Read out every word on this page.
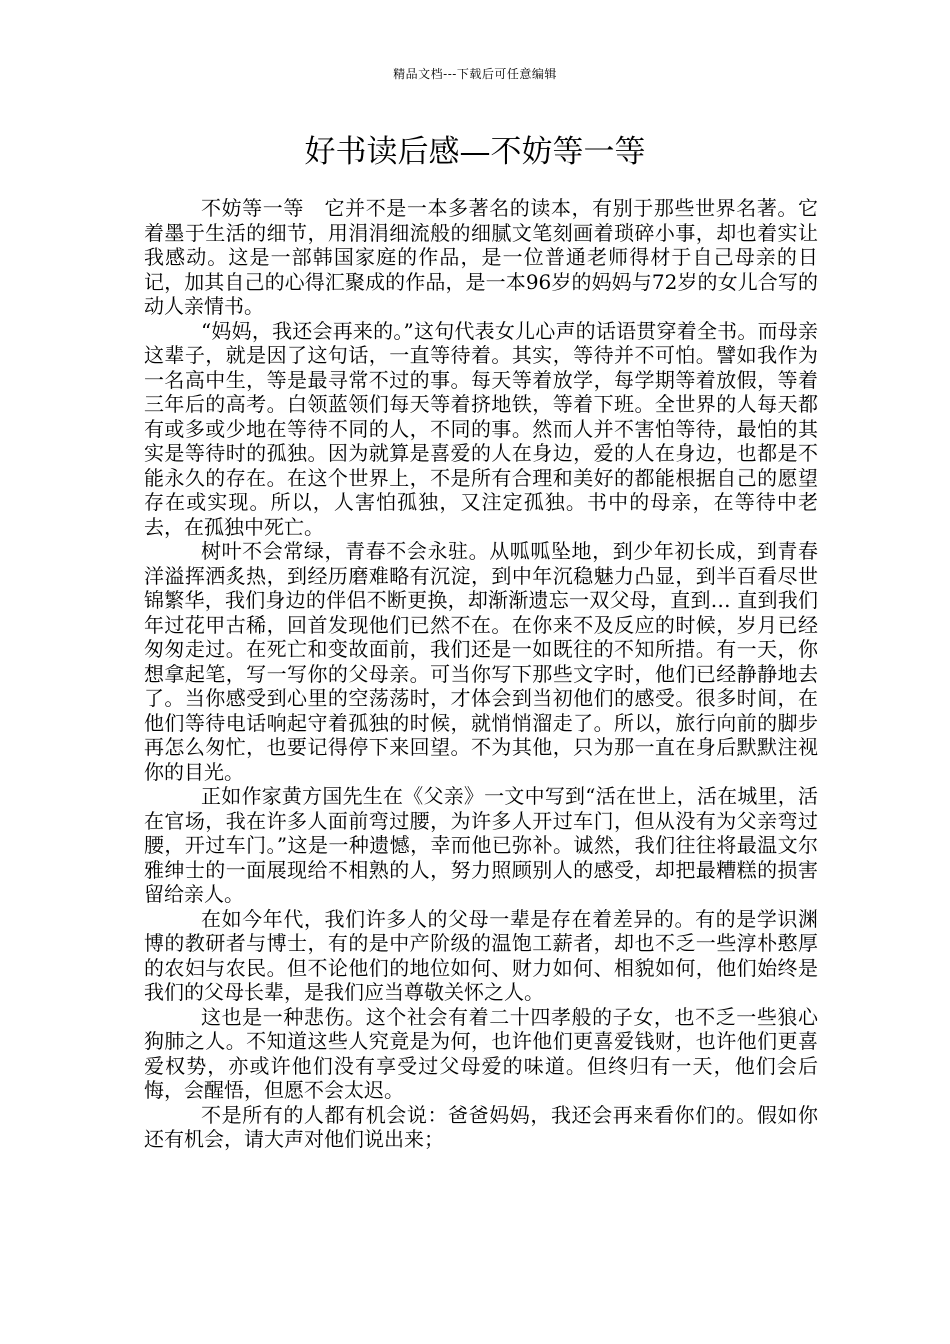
精品文档---下载后可任意编辑
好书读后感—不妨等一等

不妨等一等　它并不是一本多著名的读本，有别于那些世界名著。它着墨于生活的细节，用涓涓细流般的细腻文笔刻画着琐碎小事，却也着实让我感动。这是一部韩国家庭的作品，是一位普通老师得材于自己母亲的日记，加其自己的心得汇聚成的作品，是一本96岁的妈妈与72岁的女儿合写的动人亲情书。

“妈妈，我还会再来的。”这句代表女儿心声的话语贯穿着全书。而母亲这辈子，就是因了这句话，一直等待着。其实，等待并不可怕。譬如我作为一名高中生，等是最寻常不过的事。每天等着放学，每学期等着放假，等着三年后的高考。白领蓝领们每天等着挤地铁，等着下班。全世界的人每天都有或多或少地在等待不同的人，不同的事。然而人并不害怕等待，最怕的其实是等待时的孤独。因为就算是喜爱的人在身边，爱的人在身边，也都是不能永久的存在。在这个世界上，不是所有合理和美好的都能根据自己的愿望存在或实现。所以，人害怕孤独，又注定孤独。书中的母亲，在等待中老去，在孤独中死亡。

树叶不会常绿，青春不会永驻。从呱呱坠地，到少年初长成，到青春洋溢挥洒炙热，到经历磨难略有沉淀，到中年沉稳魅力凸显，到半百看尽世锦繁华，我们身边的伴侣不断更换，却渐渐遗忘一双父母，直到… 直到我们年过花甲古稀，回首发现他们已然不在。在你来不及反应的时候，岁月已经匆匆走过。在死亡和变故面前，我们还是一如既往的不知所措。有一天，你想拿起笔，写一写你的父母亲。可当你写下那些文字时，他们已经静静地去了。当你感受到心里的空荡荡时，才体会到当初他们的感受。很多时间，在他们等待电话响起守着孤独的时候，就悄悄溜走了。所以，旅行向前的脚步再怎么匆忙，也要记得停下来回望。不为其他，只为那一直在身后默默注视你的目光。

正如作家黄方国先生在《父亲》一文中写到“活在世上，活在城里，活在官场，我在许多人面前弯过腰，为许多人开过车门，但从没有为父亲弯过腰，开过车门。”这是一种遗憾，幸而他已弥补。诚然，我们往往将最温文尔雅绅士的一面展现给不相熟的人，努力照顾别人的感受，却把最糟糕的损害留给亲人。

在如今年代，我们许多人的父母一辈是存在着差异的。有的是学识渊博的教研者与博士，有的是中产阶级的温饱工薪者，却也不乏一些淳朴憨厚的农妇与农民。但不论他们的地位如何、财力如何、相貌如何，他们始终是我们的父母长辈，是我们应当尊敬关怀之人。

这也是一种悲伤。这个社会有着二十四孝般的子女，也不乏一些狼心狗肺之人。不知道这些人究竟是为何，也许他们更喜爱钱财，也许他们更喜爱权势，亦或许他们没有享受过父母爱的味道。但终归有一天，他们会后悔，会醒悟，但愿不会太迟。

不是所有的人都有机会说：爸爸妈妈，我还会再来看你们的。假如你还有机会，请大声对他们说出来；
